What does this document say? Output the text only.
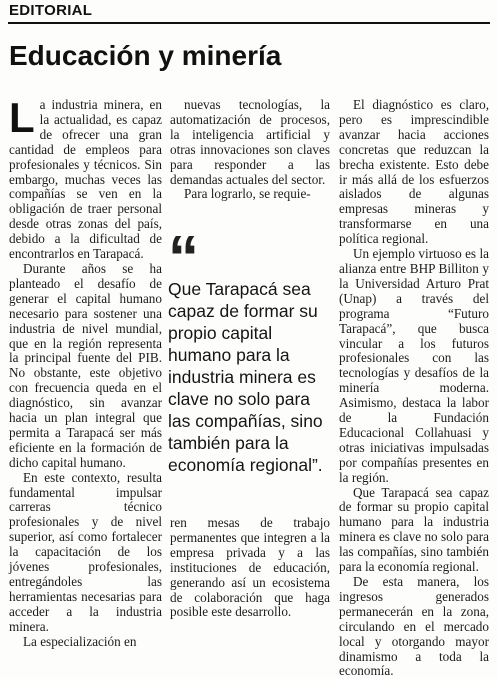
EDITORIAL
Educación y minería

La industria minera, en la actualidad, es capaz de ofrecer una gran cantidad de empleos para profesionales y técnicos. Sin embargo, muchas veces las compañías se ven en la obligación de traer personal desde otras zonas del país, debido a la dificultad de encontrarlos en Tarapacá.

Durante años se ha planteado el desafío de generar el capital humano necesario para sostener una industria de nivel mundial, que en la región representa la principal fuente del PIB. No obstante, este objetivo con frecuencia queda en el diagnóstico, sin avanzar hacia un plan integral que permita a Tarapacá ser más eficiente en la formación de dicho capital humano.

En este contexto, resulta fundamental impulsar carreras técnico profesionales y de nivel superior, así como fortalecer la capacitación de los jóvenes profesionales, entregándoles las herramientas necesarias para acceder a la industria minera.

La especialización en

nuevas tecnologías, la automatización de procesos, la inteligencia artificial y otras innovaciones son claves para responder a las demandas actuales del sector.

Para lograrlo, se requie-

“
Que Tarapacá sea capaz de formar su propio capital humano para la industria minera es clave no solo para las compañías, sino también para la economía regional”.

ren mesas de trabajo permanentes que integren a la empresa privada y a las instituciones de educación, generando así un ecosistema de colaboración que haga posible este desarrollo.

El diagnóstico es claro, pero es imprescindible avanzar hacia acciones concretas que reduzcan la brecha existente. Esto debe ir más allá de los esfuerzos aislados de algunas empresas mineras y transformarse en una política regional.

Un ejemplo virtuoso es la alianza entre BHP Billiton y la Universidad Arturo Prat (Unap) a través del programa “Futuro Tarapacá”, que busca vincular a los futuros profesionales con las tecnologías y desafíos de la minería moderna. Asimismo, destaca la labor de la Fundación Educacional Collahuasi y otras iniciativas impulsadas por compañías presentes en la región.

Que Tarapacá sea capaz de formar su propio capital humano para la industria minera es clave no solo para las compañías, sino también para la economía regional.

De esta manera, los ingresos generados permanecerán en la zona, circulando en el mercado local y otorgando mayor dinamismo a toda la economía.
